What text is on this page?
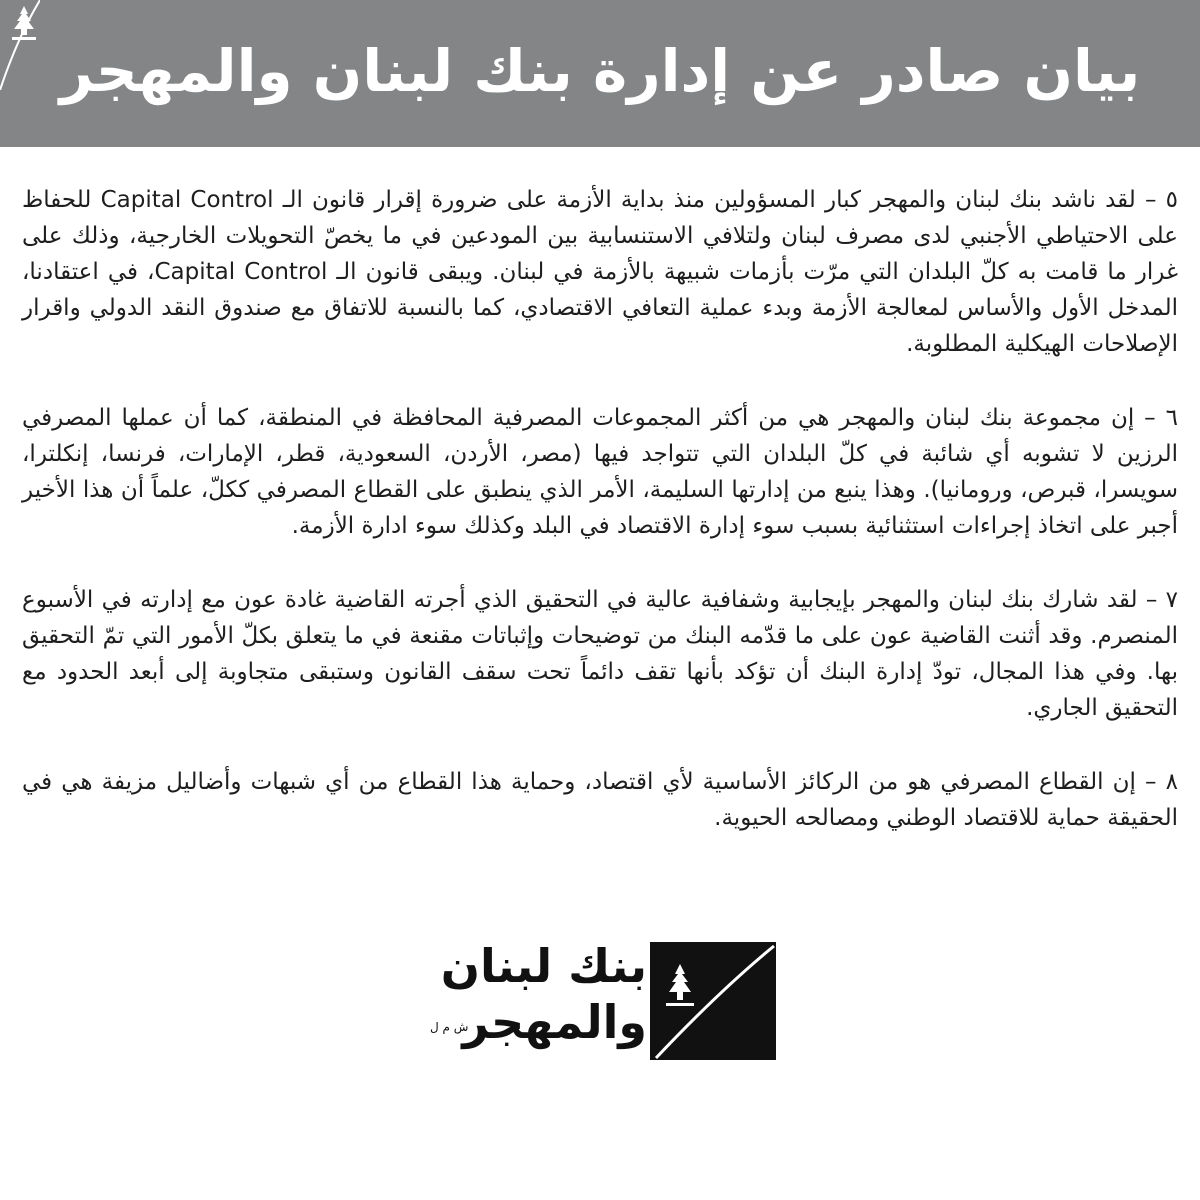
بيان صادر عن إدارة بنك لبنان والمهجر

٥ – لقد ناشد بنك لبنان والمهجر كبار المسؤولين منذ بداية الأزمة على ضرورة إقرار قانون الـ Capital Control للحفاظ على الاحتياطي الأجنبي لدى مصرف لبنان ولتلافي الاستنسابية بين المودعين في ما يخصّ التحويلات الخارجية، وذلك على غرار ما قامت به كلّ البلدان التي مرّت بأزمات شبيهة بالأزمة في لبنان. ويبقى قانون الـ Capital Control، في اعتقادنا، المدخل الأول والأساس لمعالجة الأزمة وبدء عملية التعافي الاقتصادي، كما بالنسبة للاتفاق مع صندوق النقد الدولي واقرار الإصلاحات الهيكلية المطلوبة.

٦ – إن مجموعة بنك لبنان والمهجر هي من أكثر المجموعات المصرفية المحافظة في المنطقة، كما أن عملها المصرفي الرزين لا تشوبه أي شائبة في كلّ البلدان التي تتواجد فيها (مصر، الأردن، السعودية، قطر، الإمارات، فرنسا، إنكلترا، سويسرا، قبرص، ورومانيا). وهذا ينبع من إدارتها السليمة، الأمر الذي ينطبق على القطاع المصرفي ككلّ، علماً أن هذا الأخير أجبر على اتخاذ إجراءات استثنائية بسبب سوء إدارة الاقتصاد في البلد وكذلك سوء ادارة الأزمة.

٧ – لقد شارك بنك لبنان والمهجر بإيجابية وشفافية عالية في التحقيق الذي أجرته القاضية غادة عون مع إدارته في الأسبوع المنصرم. وقد أثنت القاضية عون على ما قدّمه البنك من توضيحات وإثباتات مقنعة في ما يتعلق بكلّ الأمور التي تمّ التحقيق بها. وفي هذا المجال، تودّ إدارة البنك أن تؤكد بأنها تقف دائماً تحت سقف القانون وستبقى متجاوبة إلى أبعد الحدود مع التحقيق الجاري.

٨ – إن القطاع المصرفي هو من الركائز الأساسية لأي اقتصاد، وحماية هذا القطاع من أي شبهات وأضاليل مزيفة هي في الحقيقة حماية للاقتصاد الوطني ومصالحه الحيوية.

بنك لبنان
والمهجر
ش م ل
